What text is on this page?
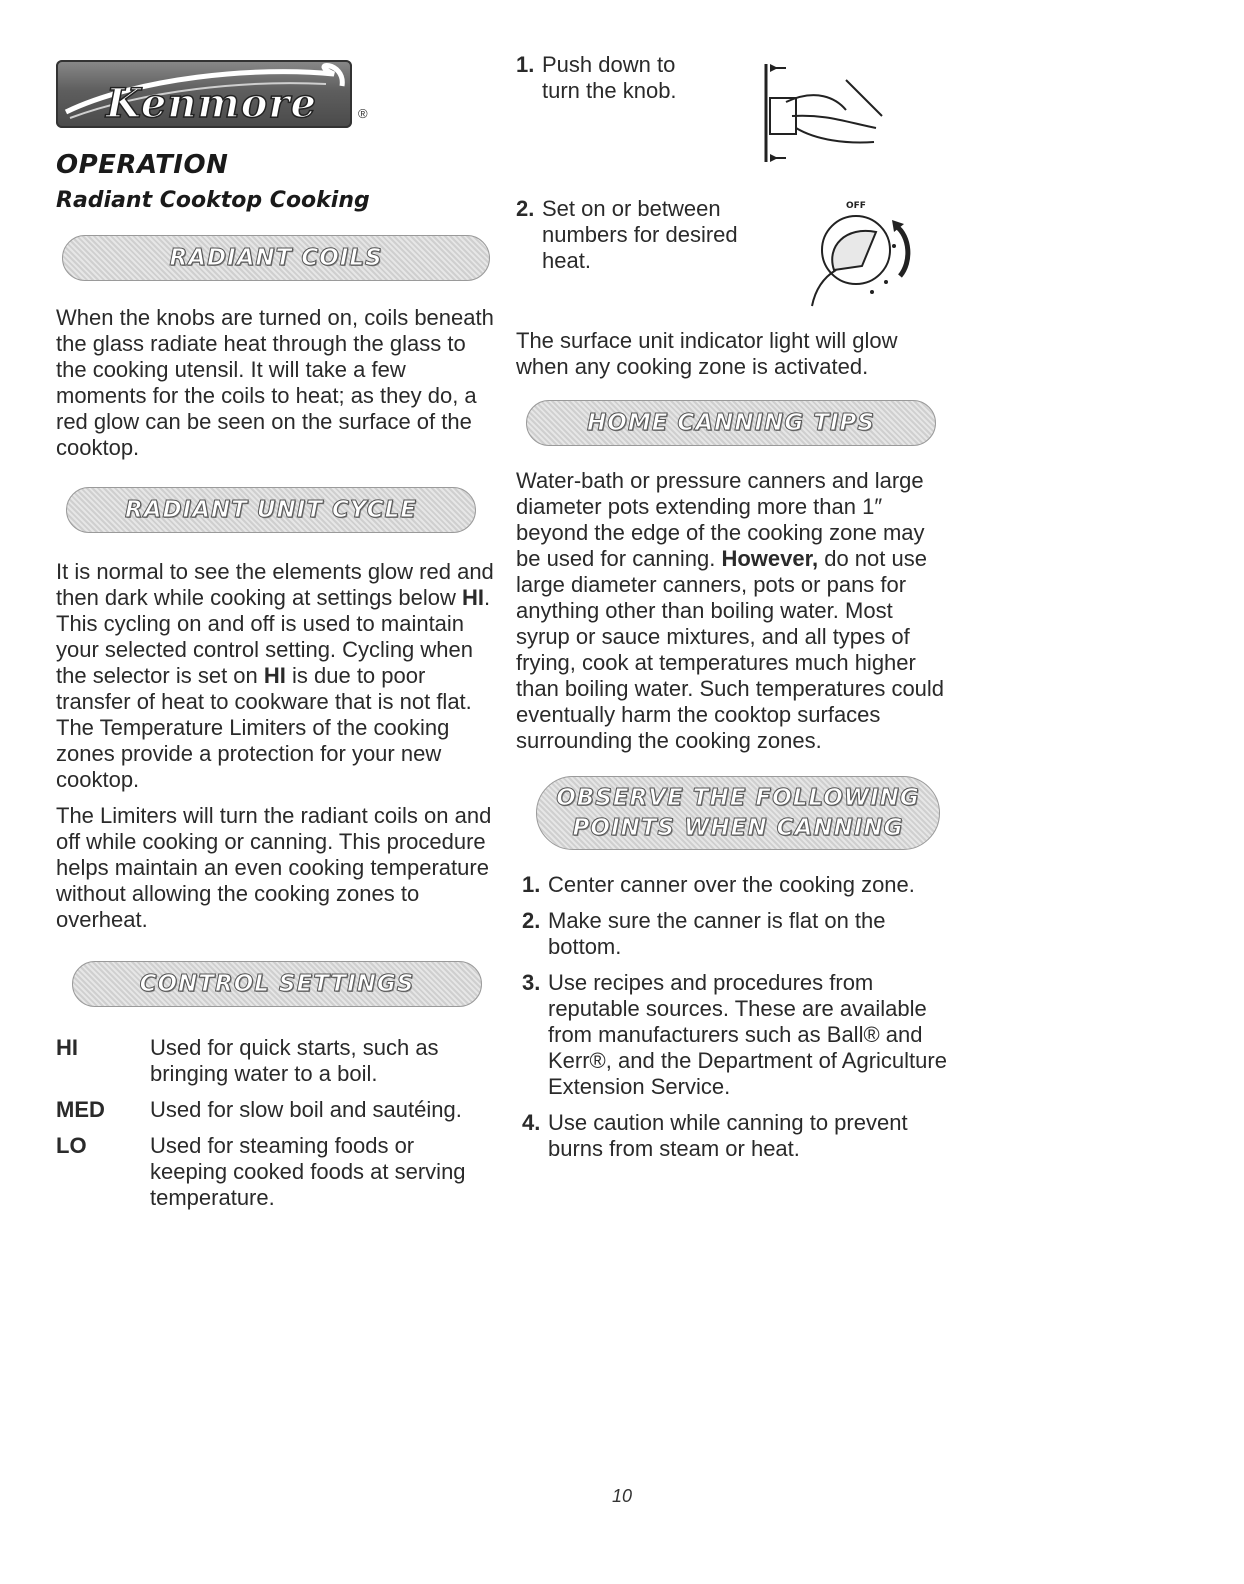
Kenmore	®
OPERATION
Radiant Cooktop Cooking
RADIANT COILS

When the knobs are turned on, coils beneath the glass radiate heat through the glass to the cooking utensil. It will take a few moments for the coils to heat; as they do, a red glow can be seen on the surface of the cooktop.

RADIANT UNIT CYCLE

It is normal to see the elements glow red and then dark while cooking at settings below HI. This cycling on and off is used to maintain your selected control setting. Cycling when the selector is set on HI is due to poor transfer of heat to cookware that is not flat. The Temperature Limiters of the cooking zones provide a protection for your new cooktop.

The Limiters will turn the radiant coils on and off while cooking or canning. This procedure helps maintain an even cooking temperature without allowing the cooking zones to overheat.

CONTROL SETTINGS
HI	Used for quick starts, such as bringing water to a boil.
MED	Used for slow boil and sautéing.
LO	Used for steaming foods or keeping cooked foods at serving temperature.
1. Push down to turn the knob.
2. Set on or between numbers for desired heat.
OFF

The surface unit indicator light will glow when any cooking zone is activated.

HOME CANNING TIPS

Water-bath or pressure canners and large diameter pots extending more than 1″ beyond the edge of the cooking zone may be used for canning. However, do not use large diameter canners, pots or pans for anything other than boiling water. Most syrup or sauce mixtures, and all types of frying, cook at temperatures much higher than boiling water. Such temperatures could eventually harm the cooktop surfaces surrounding the cooking zones.

OBSERVE THE FOLLOWING
POINTS WHEN CANNING
1. Center canner over the cooking zone.
2. Make sure the canner is flat on the bottom.
3. Use recipes and procedures from reputable sources. These are available from manufacturers such as Ball® and Kerr®, and the Department of Agriculture Extension Service.
4. Use caution while canning to prevent burns from steam or heat.
10
